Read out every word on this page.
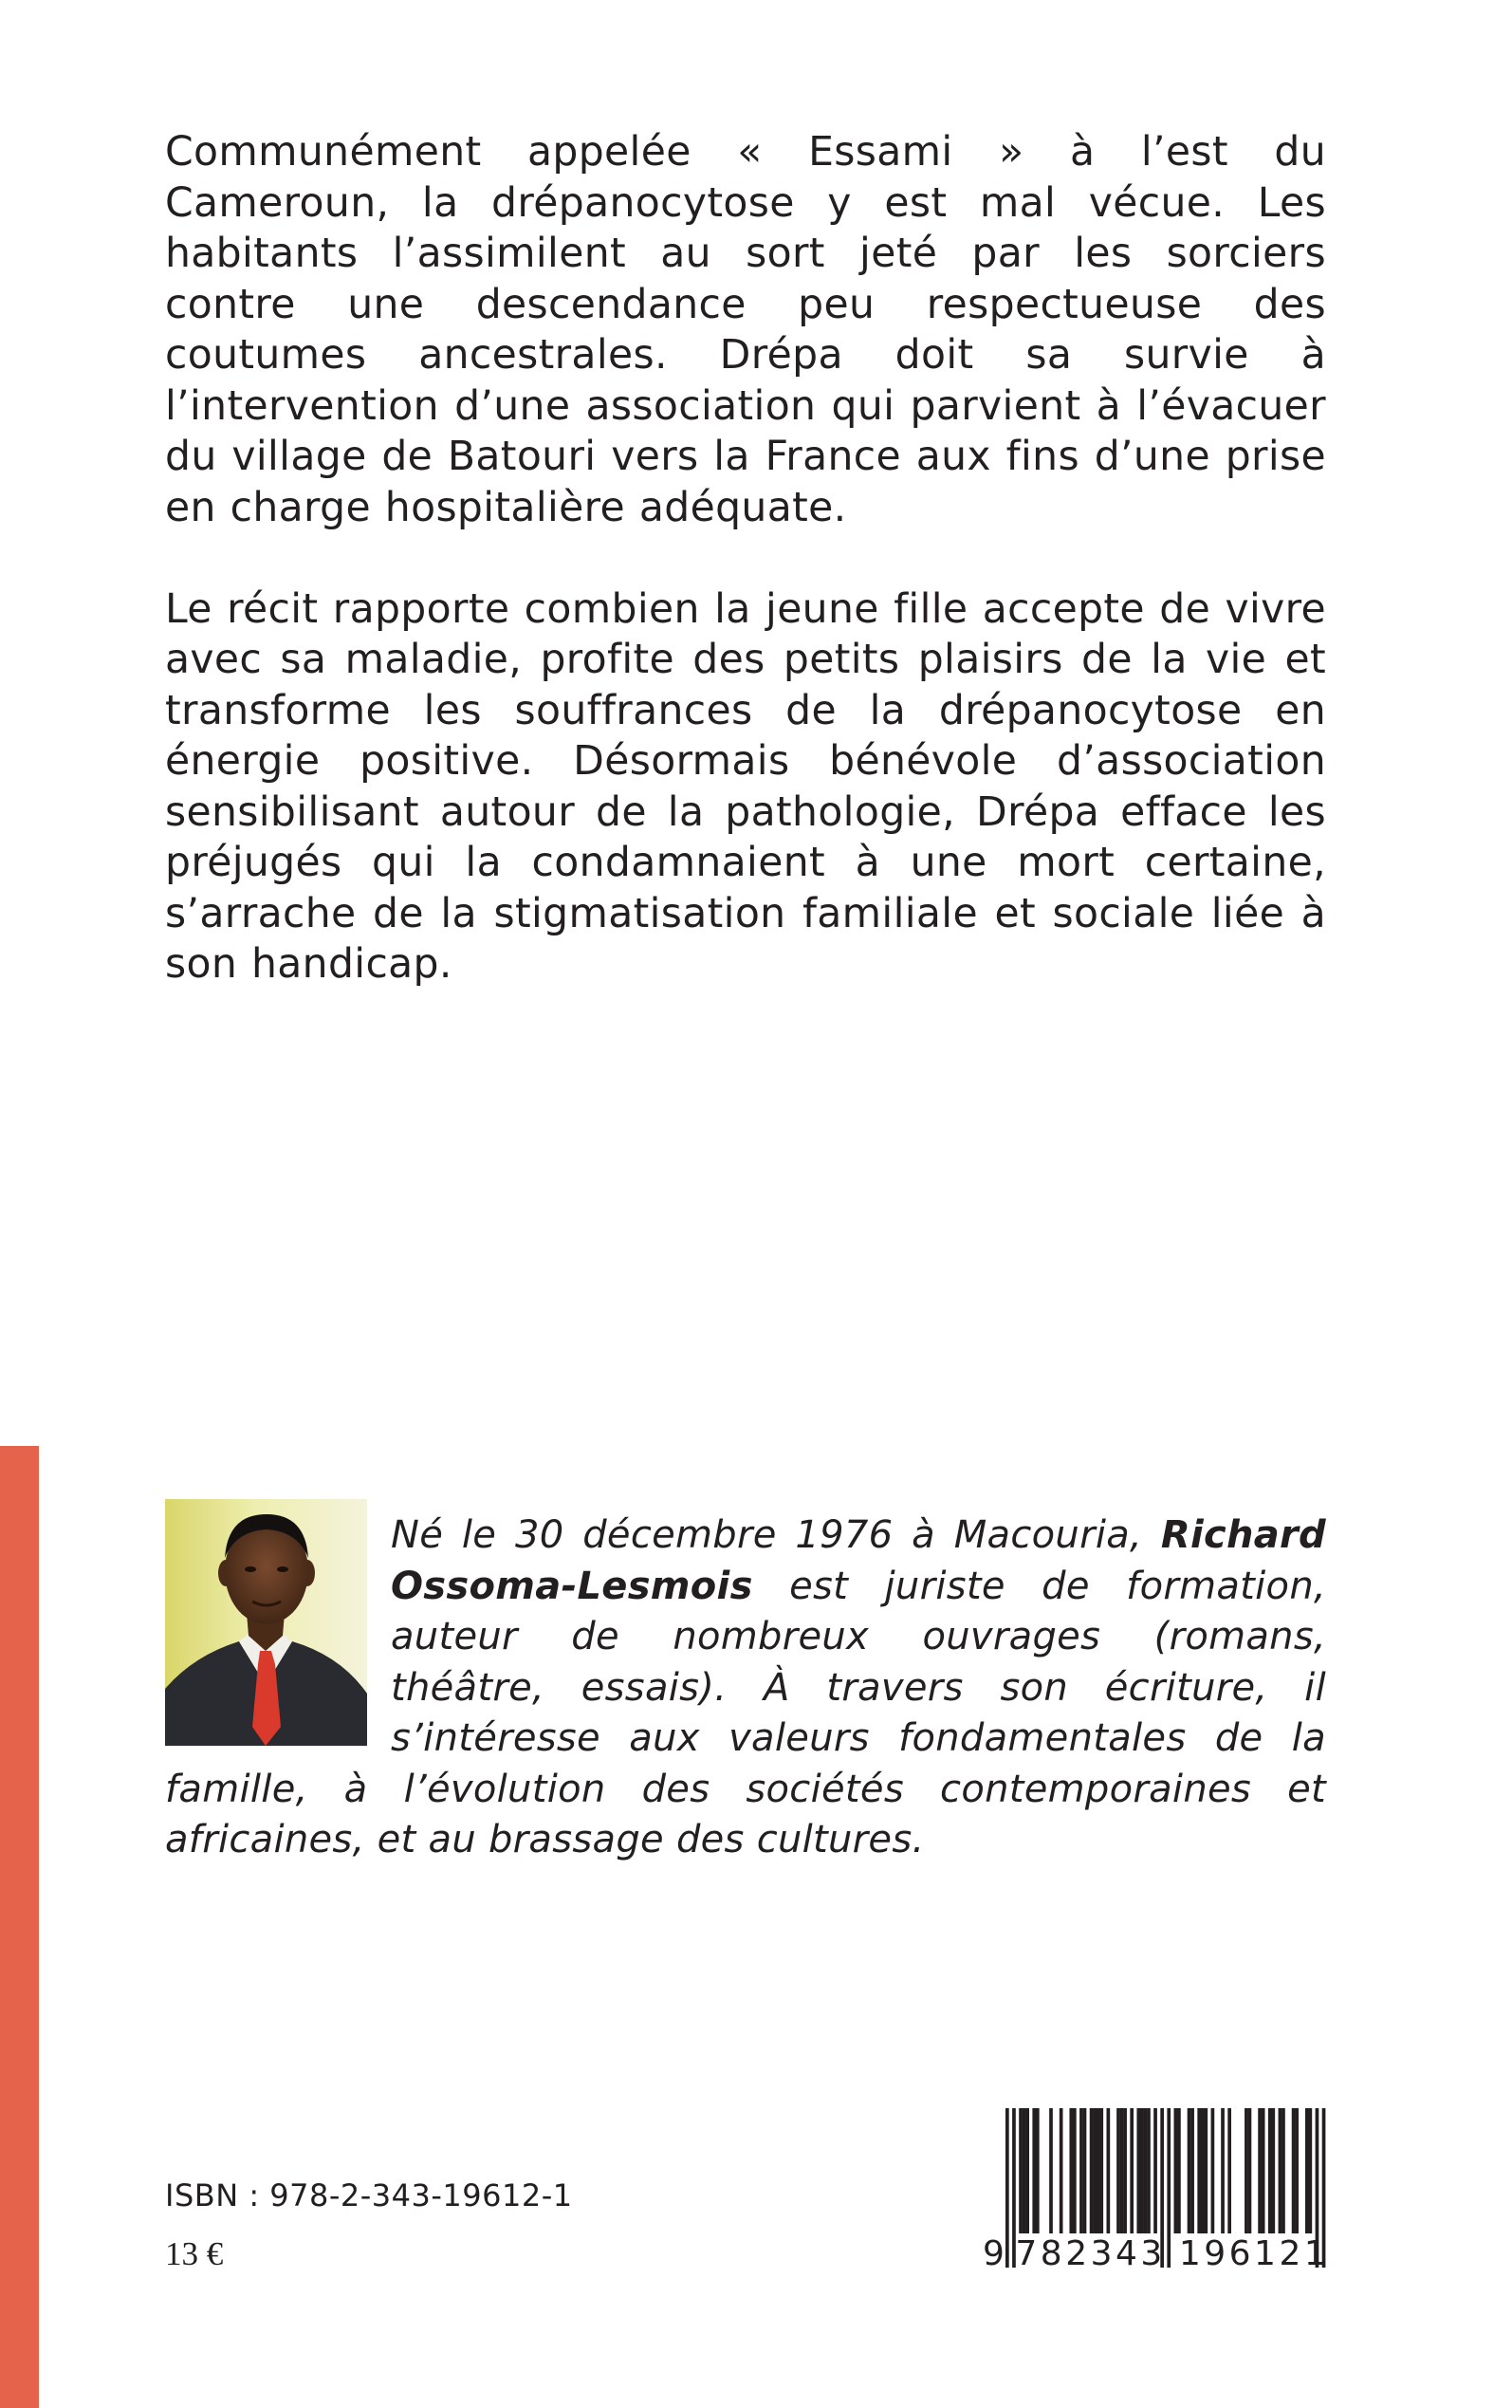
Communément appelée « Essami » à l’est du Cameroun, la drépanocytose y est mal vécue. Les habitants l’assimilent au sort jeté par les sorciers contre une descendance peu respectueuse des coutumes ancestrales. Drépa doit sa survie à l’intervention d’une association qui parvient à l’évacuer du village de Batouri vers la France aux fins d’une prise en charge hospitalière adéquate.

Le récit rapporte combien la jeune fille accepte de vivre avec sa maladie, profite des petits plaisirs de la vie et transforme les souffrances de la drépanocytose en énergie positive. Désormais bénévole d’association sensibilisant autour de la pathologie, Drépa efface les préjugés qui la condamnaient à une mort certaine, s’arrache de la stigmatisation familiale et sociale liée à son handicap.

Né le 30 décembre 1976 à Macouria, Richard Ossoma-Lesmois est juriste de formation, auteur de nombreux ouvrages (romans, théâtre, essais). À travers son écriture, il s’intéresse aux valeurs fondamentales de la famille, à l’évolution des sociétés contemporaines et africaines, et au brassage des cultures.

ISBN : 978-2-343-19612-1
13 €	9 782343 196121
